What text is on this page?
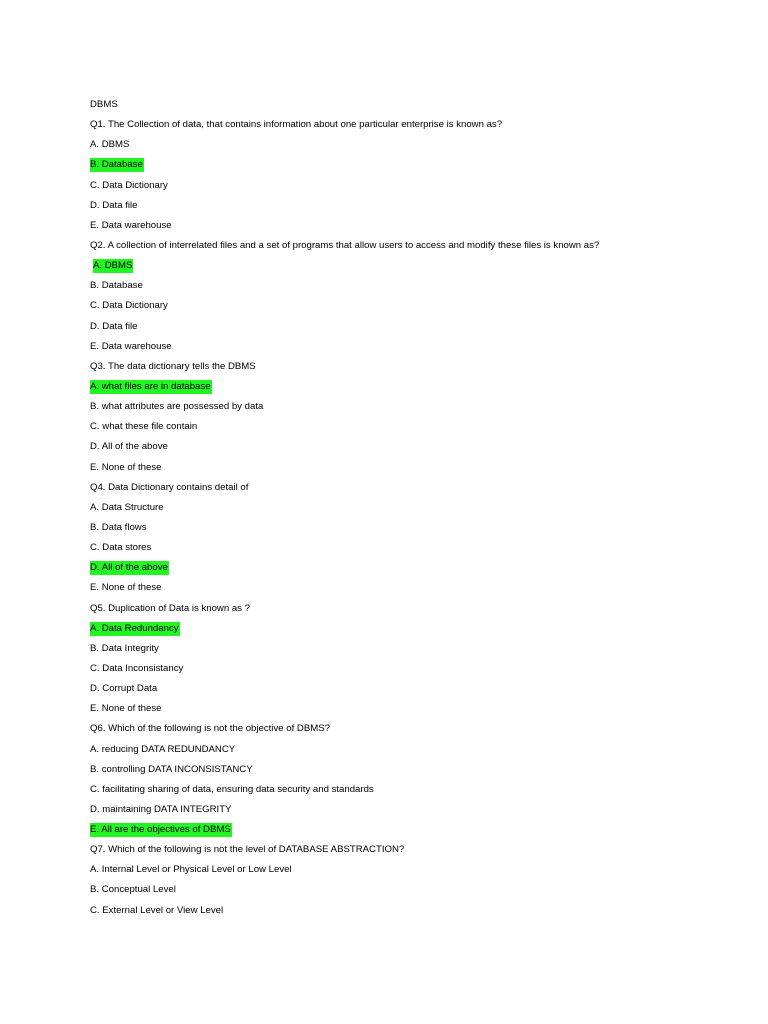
DBMS
Q1. The Collection of data, that contains information about one particular enterprise is known as?
A. DBMS
B. Database
C. Data Dictionary
D. Data file
E. Data warehouse
Q2. A collection of interrelated files and a set of programs that allow users to access and modify these files is known as?
A. DBMS
B. Database
C. Data Dictionary
D. Data file
E. Data warehouse
Q3. The data dictionary tells the DBMS
A. what files are in database
B. what attributes are possessed by data
C. what these file contain
D. All of the above
E. None of these
Q4. Data Dictionary contains detail of
A. Data Structure
B. Data flows
C. Data stores
D. All of the above
E. None of these
Q5. Duplication of Data is known as ?
A. Data Redundancy
B. Data Integrity
C. Data Inconsistancy
D. Corrupt Data
E. None of these
Q6. Which of the following is not the objective of DBMS?
A. reducing DATA REDUNDANCY
B. controlling DATA INCONSISTANCY
C. facilitating sharing of data, ensuring data security and standards
D. maintaining DATA INTEGRITY
E. All are the objectives of DBMS
Q7. Which of the following is not the level of DATABASE ABSTRACTION?
A. Internal Level or Physical Level or Low Level
B. Conceptual Level
C. External Level or View Level
